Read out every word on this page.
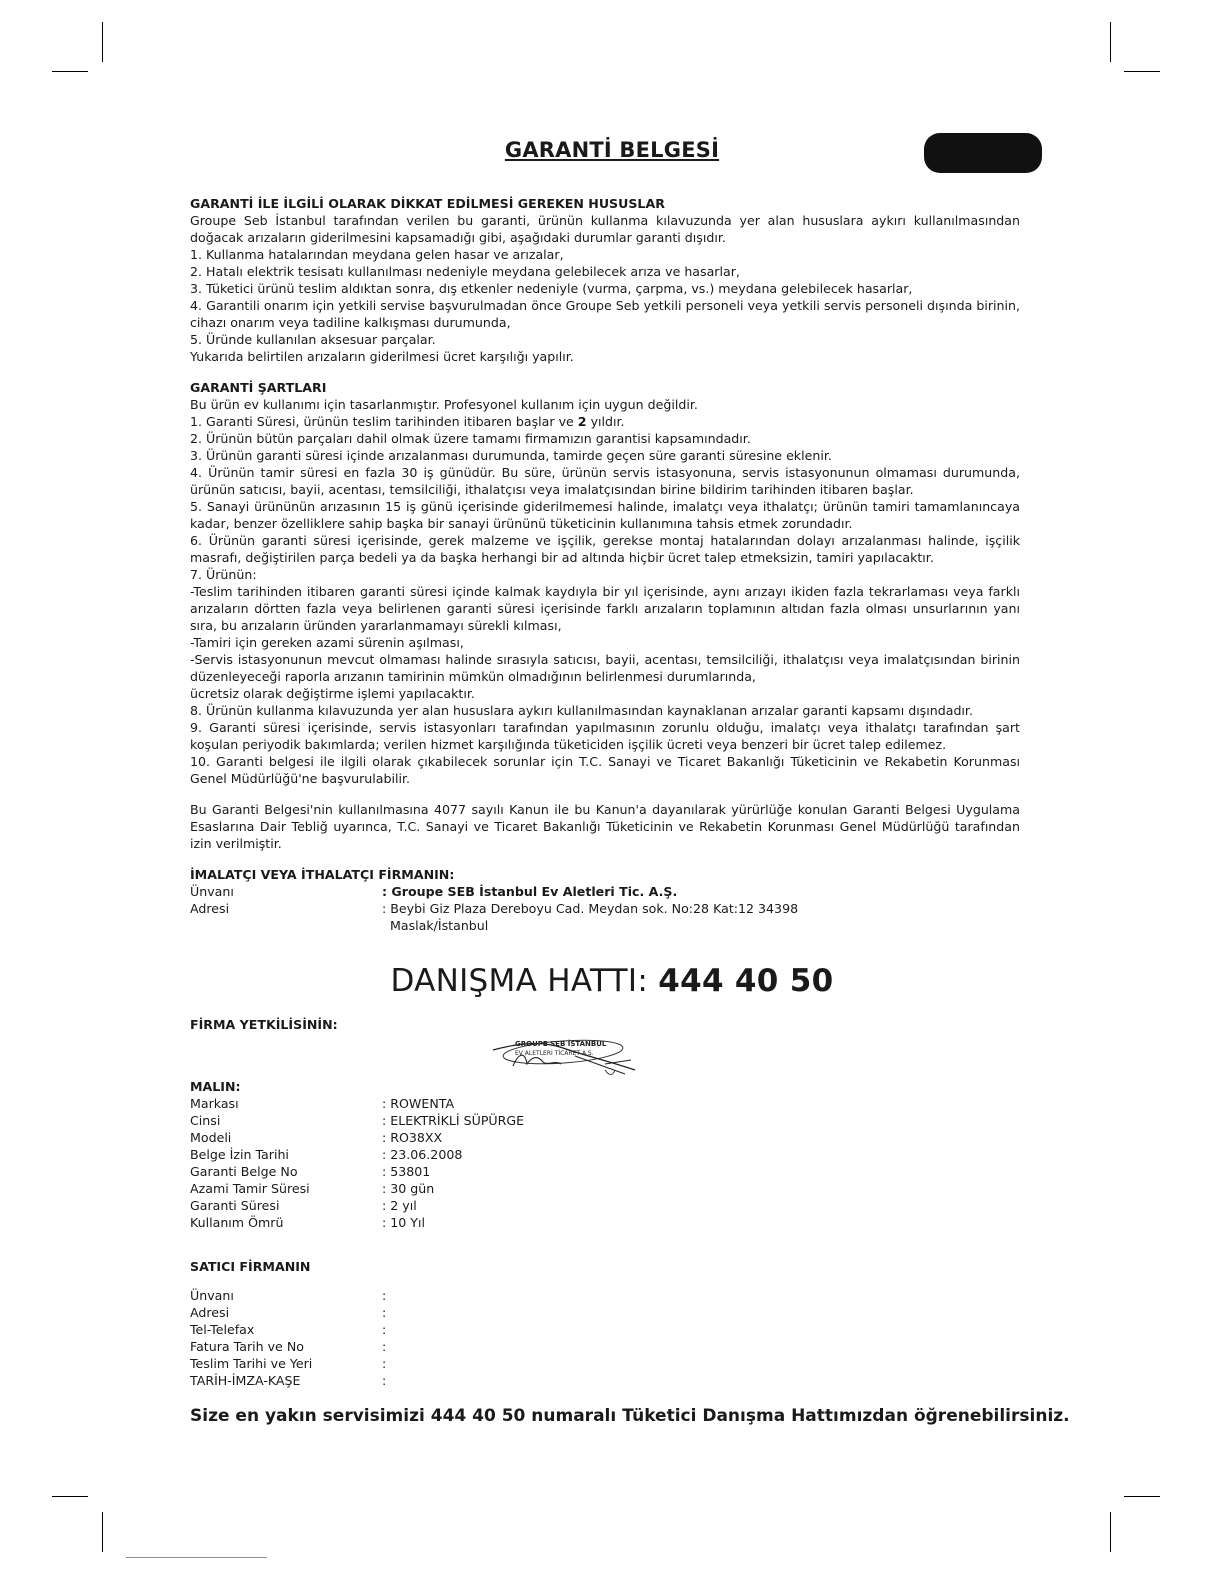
GARANTİ BELGESİ

GARANTİ İLE İLGİLİ OLARAK DİKKAT EDİLMESİ GEREKEN HUSUSLAR

Groupe Seb İstanbul tarafından verilen bu garanti, ürünün kullanma kılavuzunda yer alan hususlara aykırı kullanılmasından doğacak arızaların giderilmesini kapsamadığı gibi, aşağıdaki durumlar garanti dışıdır.

1. Kullanma hatalarından meydana gelen hasar ve arızalar,

2. Hatalı elektrik tesisatı kullanılması nedeniyle meydana gelebilecek arıza ve hasarlar,

3. Tüketici ürünü teslim aldıktan sonra, dış etkenler nedeniyle (vurma, çarpma, vs.) meydana gelebilecek hasarlar,

4. Garantili onarım için yetkili servise başvurulmadan önce Groupe Seb yetkili personeli veya yetkili servis personeli dışında birinin, cihazı onarım veya tadiline kalkışması durumunda,

5. Üründe kullanılan aksesuar parçalar.

Yukarıda belirtilen arızaların giderilmesi ücret karşılığı yapılır.

GARANTİ ŞARTLARI

Bu ürün ev kullanımı için tasarlanmıştır. Profesyonel kullanım için uygun değildir.

1. Garanti Süresi, ürünün teslim tarihinden itibaren başlar ve 2 yıldır.

2. Ürünün bütün parçaları dahil olmak üzere tamamı firmamızın garantisi kapsamındadır.

3. Ürünün garanti süresi içinde arızalanması durumunda, tamirde geçen süre garanti süresine eklenir.

4. Ürünün tamir süresi en fazla 30 iş günüdür. Bu süre, ürünün servis istasyonuna, servis istasyonunun olmaması durumunda, ürünün satıcısı, bayii, acentası, temsilciliği, ithalatçısı veya imalatçısından birine bildirim tarihinden itibaren başlar.

5. Sanayi ürününün arızasının 15 iş günü içerisinde giderilmemesi halinde, imalatçı veya ithalatçı; ürünün tamiri tamamlanıncaya kadar, benzer özelliklere sahip başka bir sanayi ürününü tüketicinin kullanımına tahsis etmek zorundadır.

6. Ürünün garanti süresi içerisinde, gerek malzeme ve işçilik, gerekse montaj hatalarından dolayı arızalanması halinde, işçilik masrafı, değiştirilen parça bedeli ya da başka herhangi bir ad altında hiçbir ücret talep etmeksizin, tamiri yapılacaktır.

7. Ürünün:

-Teslim tarihinden itibaren garanti süresi içinde kalmak kaydıyla bir yıl içerisinde, aynı arızayı ikiden fazla tekrarlaması veya farklı arızaların dörtten fazla veya belirlenen garanti süresi içerisinde farklı arızaların toplamının altıdan fazla olması unsurlarının yanı sıra, bu arızaların üründen yararlanmamayı sürekli kılması,

-Tamiri için gereken azami sürenin aşılması,

-Servis istasyonunun mevcut olmaması halinde sırasıyla satıcısı, bayii, acentası, temsilciliği, ithalatçısı veya imalatçısından birinin düzenleyeceği raporla arızanın tamirinin mümkün olmadığının belirlenmesi durumlarında,

ücretsiz olarak değiştirme işlemi yapılacaktır.

8. Ürünün kullanma kılavuzunda yer alan hususlara aykırı kullanılmasından kaynaklanan arızalar garanti kapsamı dışındadır.

9. Garanti süresi içerisinde, servis istasyonları tarafından yapılmasının zorunlu olduğu, imalatçı veya ithalatçı tarafından şart koşulan periyodik bakımlarda; verilen hizmet karşılığında tüketiciden işçilik ücreti veya benzeri bir ücret talep edilemez.

10. Garanti belgesi ile ilgili olarak çıkabilecek sorunlar için T.C. Sanayi ve Ticaret Bakanlığı Tüketicinin ve Rekabetin Korunması Genel Müdürlüğü'ne başvurulabilir.

Bu Garanti Belgesi'nin kullanılmasına 4077 sayılı Kanun ile bu Kanun'a dayanılarak yürürlüğe konulan Garanti Belgesi Uygulama Esaslarına Dair Tebliğ uyarınca, T.C. Sanayi ve Ticaret Bakanlığı Tüketicinin ve Rekabetin Korunması Genel Müdürlüğü tarafından izin verilmiştir.

İMALATÇI VEYA İTHALATÇI FİRMANIN:

Ünvanı	: Groupe SEB İstanbul Ev Aletleri Tic. A.Ş.
Adresi	: Beybi Giz Plaza Dereboyu Cad. Meydan sok. No:28 Kat:12 34398
Maslak/İstanbul
DANIŞMA HATTI: 444 40 50
FİRMA YETKİLİSİNİN:
GROUPE SEB İSTANBUL
EV ALETLERİ TİCARET A.Ş.

MALIN:

Markası	: ROWENTA
Cinsi	: ELEKTRİKLİ SÜPÜRGE
Modeli	: RO38XX
Belge İzin Tarihi	: 23.06.2008
Garanti Belge No	: 53801
Azami Tamir Süresi	: 30 gün
Garanti Süresi	: 2 yıl
Kullanım Ömrü	: 10 Yıl

SATICI FİRMANIN

Ünvanı	:
Adresi	:
Tel-Telefax	:
Fatura Tarih ve No	:
Teslim Tarihi ve Yeri	:
TARİH-İMZA-KAŞE	:
Size en yakın servisimizi 444 40 50 numaralı Tüketici Danışma Hattımızdan öğrenebilirsiniz.
